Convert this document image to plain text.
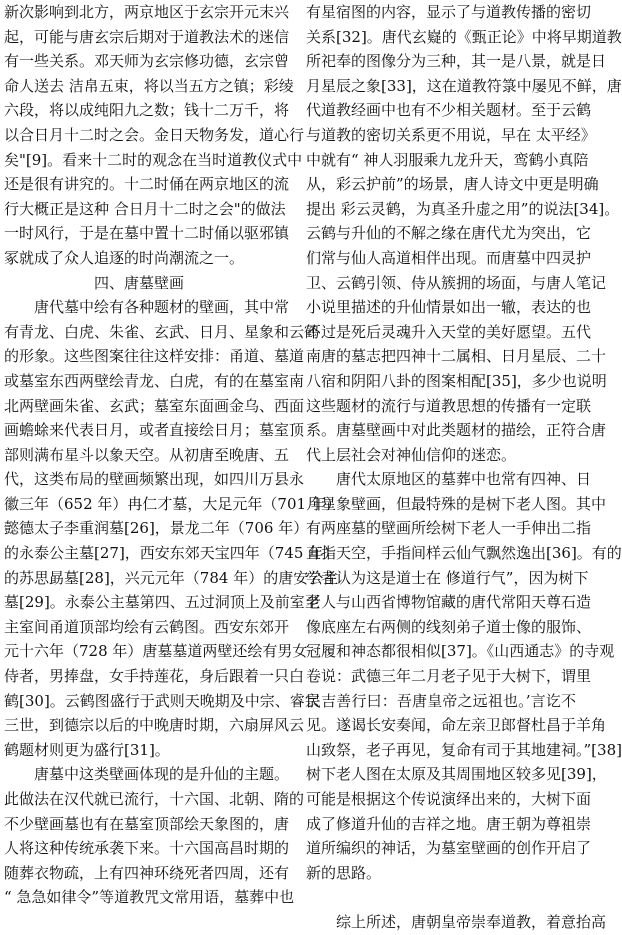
新次影响到北方，两京地区于玄宗开元末兴
起，可能与唐玄宗后期对于道教法术的迷信
有一些关系。邓天师为玄宗修功德，玄宗曾
命人送去 洁帛五束，将以当五方之镇；彩绫
六段，将以成纯阳九之数；钱十二万千，将
以合日月十二时之会。金日天物务发，道心行
矣"[9]。看来十二时的观念在当时道教仪式中
还是很有讲究的。十二时俑在两京地区的流
行大概正是这种 合日月十二时之会"的做法
一时风行，于是在墓中置十二时俑以驱邪镇
冢就成了众人追逐的时尚潮流之一。
四、唐墓壁画
唐代墓中绘有各种题材的壁画，其中常
有青龙、白虎、朱雀、玄武、日月、星象和云鹤
的形象。这些图案往往这样安排：甬道、墓道
或墓室东西两壁绘青龙、白虎，有的在墓室南
北两壁画朱雀、玄武；墓室东面画金乌、西面
画蟾蜍来代表日月，或者直接绘日月；墓室顶
部则满布星斗以象天空。从初唐至晚唐、五
代，这类布局的壁画频繁出现，如四川万县永
徽三年（652 年）冉仁才墓，大足元年（701 年）
懿德太子李重润墓[26]，景龙二年（706 年）
的永泰公主墓[27]，西安东郊天宝四年（745 年）
的苏思勗墓[28]，兴元元年（784 年）的唐安公主
墓[29]。永泰公主墓第四、五过洞顶上及前室至
主室间甬道顶部均绘有云鹤图。西安东郊开
元十六年（728 年）唐墓墓道两壁还绘有男女
侍者，男捧盘，女手持莲花，身后跟着一只白
鹤[30]。云鹤图盛行于武则天晚期及中宗、睿宗
三世，到德宗以后的中晚唐时期，六扇屏风云
鹤题材则更为盛行[31]。
唐墓中这类壁画体现的是升仙的主题。
此做法在汉代就已流行，十六国、北朝、隋的
不少壁画墓也有在墓室顶部绘天象图的，唐
人将这种传统承袭下来。十六国高昌时期的
随葬衣物疏，上有四神环绕死者四周，还有
“ 急急如律令”等道教咒文常用语，墓葬中也
有星宿图的内容，显示了与道教传播的密切
关系[32]。唐代玄嶷的《甄正论》中将早期道教
所祀奉的图像分为三种，其一是八景，就是日
月星辰之象[33]，这在道教符箓中屡见不鲜，唐
代道教经画中也有不少相关题材。至于云鹤
与道教的密切关系更不用说，早在 太平经》
中就有“ 神人羽服乘九龙升天，鸾鹤小真陪
从，彩云护前”的场景，唐人诗文中更是明确
提出 彩云灵鹤，为真圣升虚之用”的说法[34]。
云鹤与升仙的不解之缘在唐代尤为突出，它
们常与仙人高道相伴出现。而唐墓中四灵护
卫、云鹤引领、侍从簇拥的场面，与唐人笔记
小说里描述的升仙情景如出一辙，表达的也
不过是死后灵魂升入天堂的美好愿望。五代
南唐的墓志把四神十二属相、日月星辰、二十
八宿和阴阳八卦的图案相配[35]，多少也说明
这些题材的流行与道教思想的传播有一定联
系。唐墓壁画中对此类题材的描绘，正符合唐
代上层社会对神仙信仰的迷恋。
唐代太原地区的墓葬中也常有四神、日
月星象壁画，但最特殊的是树下老人图。其中
有两座墓的壁画所绘树下老人一手伸出二指
直指天空，手指间样云仙气飘然逸出[36]。有的
学者认为这是道士在 修道行气”，因为树下
老人与山西省博物馆藏的唐代常阳天尊石造
像底座左右两侧的线刻弟子道士像的服饰、
冠履和神态都很相似[37]。《山西通志》的寺观
卷说：武德三年二月老子见于大树下，谓里
民吉善行曰：吾唐皇帝之远祖也。’言讫不
见。遂谒长安奏闻，命左亲卫郎督杜昌于羊角
山致祭，老子再见，复命有司于其地建祠。”[38]
树下老人图在太原及其周围地区较多见[39]，
可能是根据这个传说演绎出来的，大树下面
成了修道升仙的吉祥之地。唐王朝为尊祖崇
道所编织的神话，为墓室壁画的创作开启了
新的思路。
综上所述，唐朝皇帝崇奉道教，着意抬高
